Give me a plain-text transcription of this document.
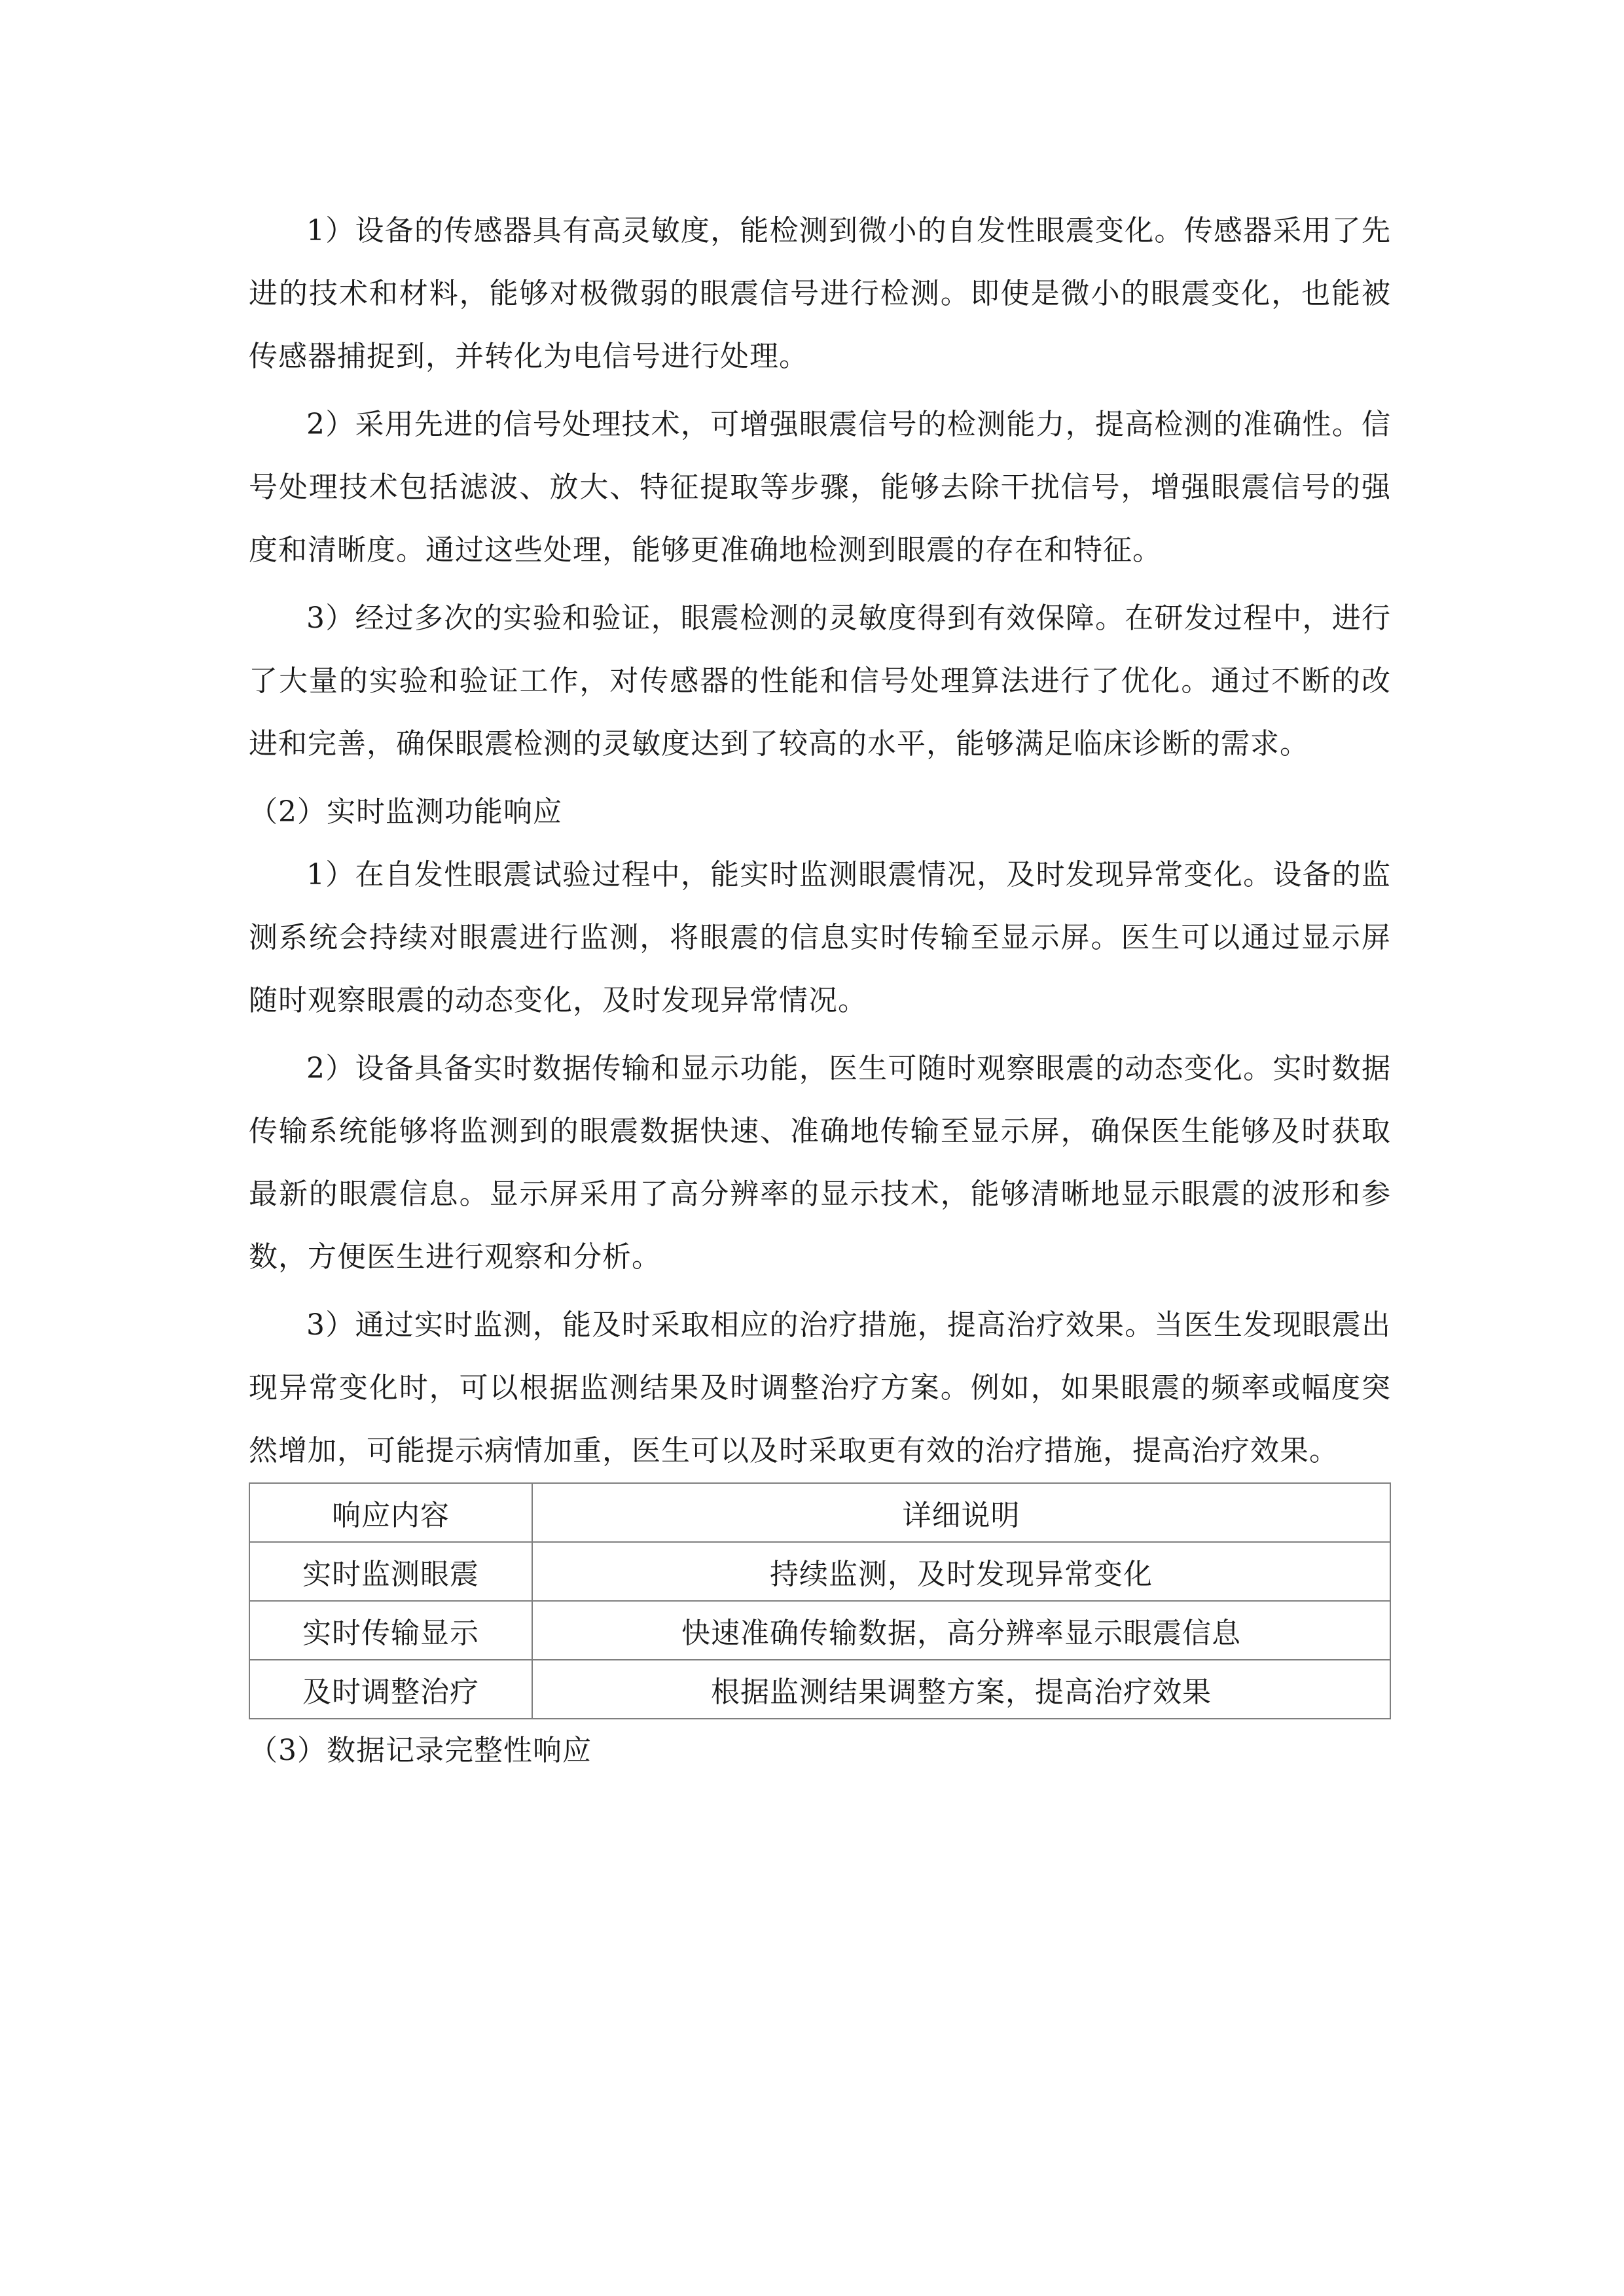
1）设备的传感器具有高灵敏度，能检测到微小的自发性眼震变化。传感器采用了先进的技术和材料，能够对极微弱的眼震信号进行检测。即使是微小的眼震变化，也能被传感器捕捉到，并转化为电信号进行处理。

2）采用先进的信号处理技术，可增强眼震信号的检测能力，提高检测的准确性。信号处理技术包括滤波、放大、特征提取等步骤，能够去除干扰信号，增强眼震信号的强度和清晰度。通过这些处理，能够更准确地检测到眼震的存在和特征。

3）经过多次的实验和验证，眼震检测的灵敏度得到有效保障。在研发过程中，进行了大量的实验和验证工作，对传感器的性能和信号处理算法进行了优化。通过不断的改进和完善，确保眼震检测的灵敏度达到了较高的水平，能够满足临床诊断的需求。

（2）实时监测功能响应

1）在自发性眼震试验过程中，能实时监测眼震情况，及时发现异常变化。设备的监测系统会持续对眼震进行监测，将眼震的信息实时传输至显示屏。医生可以通过显示屏随时观察眼震的动态变化，及时发现异常情况。

2）设备具备实时数据传输和显示功能，医生可随时观察眼震的动态变化。实时数据传输系统能够将监测到的眼震数据快速、准确地传输至显示屏，确保医生能够及时获取最新的眼震信息。显示屏采用了高分辨率的显示技术，能够清晰地显示眼震的波形和参数，方便医生进行观察和分析。

3）通过实时监测，能及时采取相应的治疗措施，提高治疗效果。当医生发现眼震出现异常变化时，可以根据监测结果及时调整治疗方案。例如，如果眼震的频率或幅度突然增加，可能提示病情加重，医生可以及时采取更有效的治疗措施，提高治疗效果。

响应内容	详细说明
实时监测眼震	持续监测，及时发现异常变化
实时传输显示	快速准确传输数据，高分辨率显示眼震信息
及时调整治疗	根据监测结果调整方案，提高治疗效果

（3）数据记录完整性响应
